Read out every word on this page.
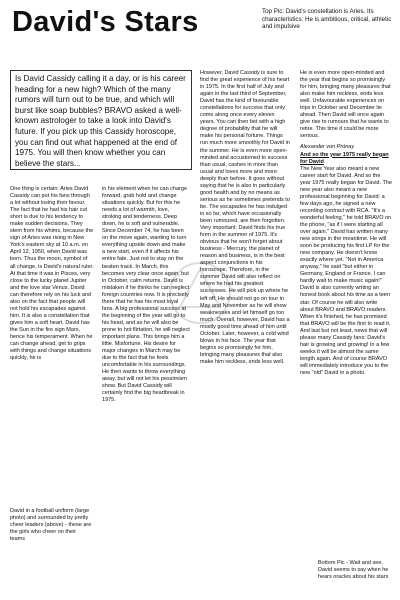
David's Stars	Top Pic: David's constellation is Aries. Its characteristics: He is ambitious, critical, athletic and impulsive
Is David Cassidy calling it a day, or is his career heading for a new high? Which of the many rumors will turn out to be true, and which will burst like soap bubbles? BRAVO asked a well-known astrologer to take a look into David's future. If you pick up this Cassidy horoscope, you can find out what happened at the end of 1975. You will then know whether you can believe the stars...

One thing is certain: Aries David Cassidy can put his fans through a lot without losing their favour. The fact that he had his hair cut short is due to his tendency to make sudden decisions. They stem from his whims, because the sign of Aries was rising in New York's eastern sky at 10 a.m. on April 12, 1950, when David was born. Thus the moon, symbol of all change, is David's natural ruler. At that time it was in Pisces, very close to the lucky planet Jupiter and the love star Venus. David can therefore rely on his luck and also on the fact that people will not hold his escapades against him. It is also a constellation that gives him a soft heart. David has the Sun in the fire sign Mars, hence his temperament. When he can change ahead, get to grips with things and change situations quickly, he is

in his element when he can charge forward, grab hold and change situations quickly. But for this he needs a lot of warmth, love, stroking and tenderness. Deep down, he is soft and vulnerable. Since December 74, he has been on the move again, wanting to turn everything upside down and make a new start, even if it affects his entire fate. Just not to stay on the beaten track. In March, this becomes very clear once again, but in October, calm returns. David is mistaken if he thinks he can neglect foreign countries now. It is precisely there that he has his most loyal fans. A big professional success at the beginning of the year will go to his head, and as he will also be prone to hot flirtation, he will neglect important plans. This brings him a little. Misfortune. His desire for major changes in March may be due to the fact that he feels uncomfortable in his surroundings. He then wants to throw everything away, but will not let his pessimism show. But David Cassidy will certainly find the big heartbreak in 1975.

However, David Cassidy is sure to find the great experience of his heart in 1975. In the first half of July and again in the last third of September, David has the kind of favourable constellations for success that only come along once every eleven years. You can then bet with a high degree of probability that he will make his personal fortune. Things run much more smoothly for David in the summer. He is even more open-minded and accustomed to success than usual, cashes in more than usual and loves more and more deeply than before. It goes without saying that he is also in particularly good health and by no means as serious as he sometimes pretends to be. The escapades he has indulged in so far, which have occasionally been rumoured, are then forgotten. Very important: David finds his true form in the summer of 1975. It's obvious that he won't forget about business - Mercury, the planet of reason and business, is in the best aspect conjunctions in his horoscope. Therefore, in the summer David will also reflect on where he had his greatest successes. He will pick up where he left off. He should not go on tour in May and November as he will show weaknesses and let himself go too much. Overall, however, David has a mostly good time ahead of him until October. Later, however, a cold wind blows in his face. The year that begins so promisingly for him, bringing many pleasures that also make him reckless, ends less well.

He is even more open-minded and the year that begins so promisingly for him, bringing many pleasures that also make him reckless, ends less well. Unfavourable experiences on trips in October and December lie ahead. Then David will once again give rise to rumours that he wants to retire. This time it could be more serious.

Alexander von Prónay
And so the year 1975 really began for David

The New Year also meant a new career start for David. And so the year 1975 really began for David. The new year also meant a new professional beginning for David: a few days ago, he signed a new recording contract with RCA. "It's a wonderful feeling," he told BRAVO on the phone, "as if I were starting all over again." David has written many new songs in the meantime. He will soon be producing his first LP for the new company. He doesn't know exactly where yet. "Not in America anyway," he said "but either in Germany, England or France. I can hardly wait to make music again!" David is also currently writing an honest book about his time as a teen star. Of course he will also write about BRAVO and BRAVO readers. When it's finished, he has promised that BRAVO will be the first to read it. And last but not least, news that will please many Cassidy fans: David's hair is growing and growing! In a few weeks it will be almost the same length again. And of course BRAVO will immediately introduce you to the new "old" David in a photo.

David in a football uniform (large photo) and surrounded by pretty cheer leaders (above) - these are the girls who cheer on their teams
Bottom Pic - Wait and see, David seems to say when he hears oracles about his stars
